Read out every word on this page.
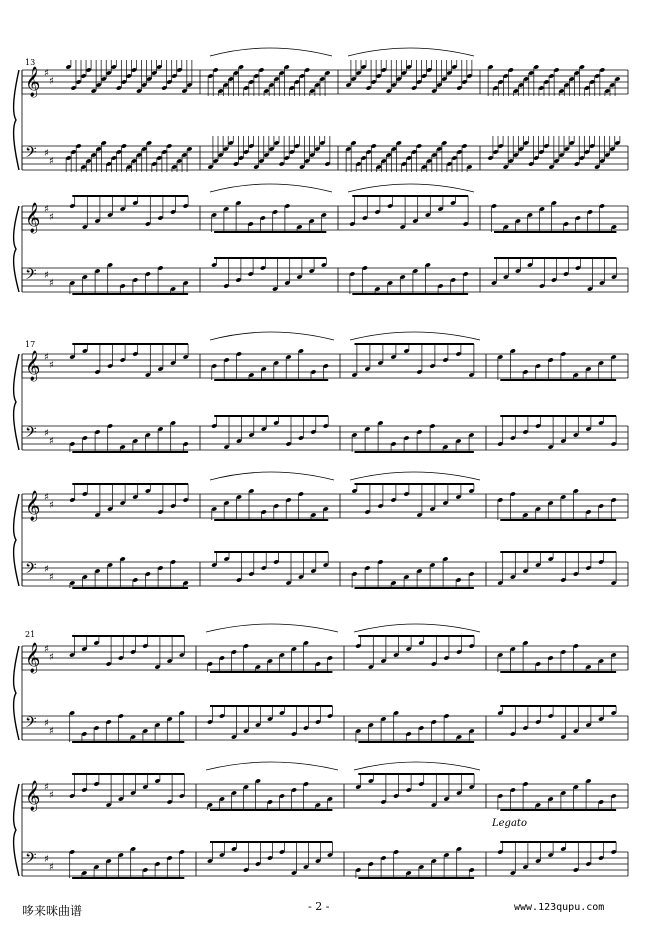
𝄞 ♯
♯
𝄢 ♯
♯
𝄞 ♯
♯
𝄢 ♯
♯
𝄞 ♯
♯
𝄢 ♯
♯
𝄞 ♯
♯
𝄢 ♯
♯
𝄞 ♯
♯
𝄢 ♯
♯
𝄞 ♯
♯
𝄢 ♯
♯
13
17
21
Legato
哆来咪曲谱	- 2 -	www.123qupu.com
